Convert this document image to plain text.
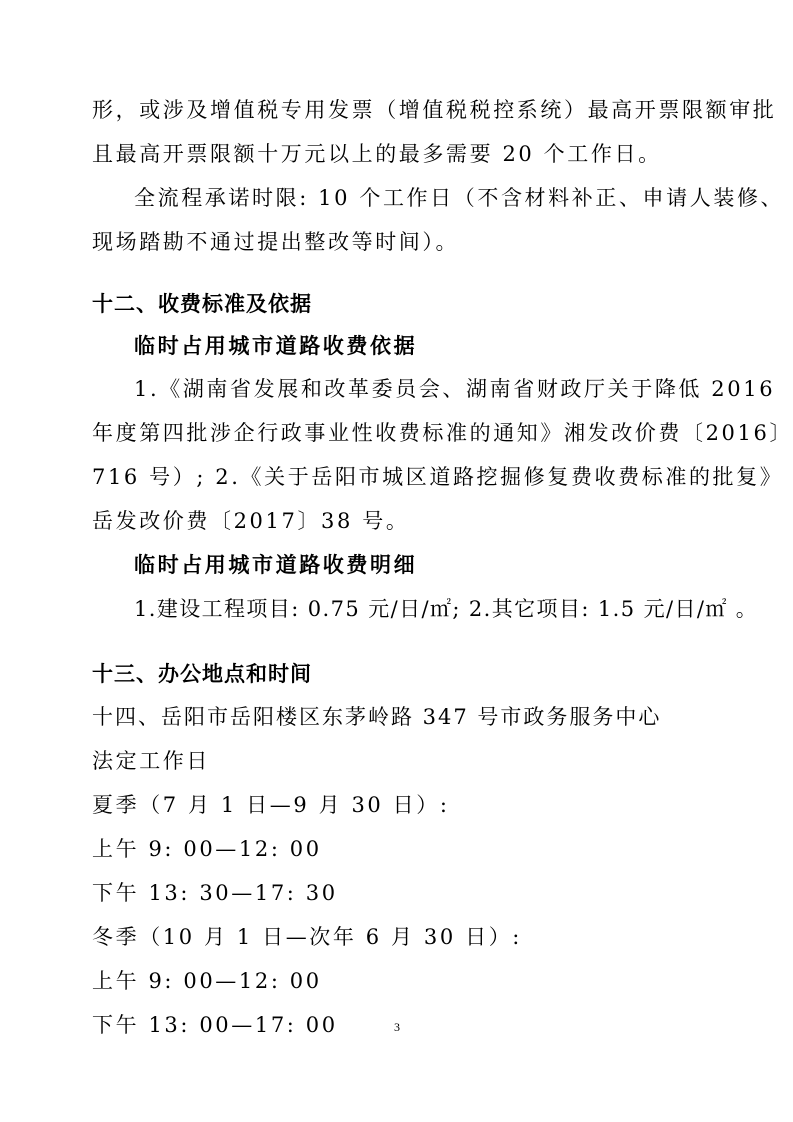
形，或涉及增值税专用发票（增值税税控系统）最高开票限额审批
且最高开票限额十万元以上的最多需要 20 个工作日。
全流程承诺时限: 10 个工作日（不含材料补正、申请人装修、
现场踏勘不通过提出整改等时间）。
十二、收费标准及依据
临时占用城市道路收费依据
1.《湖南省发展和改革委员会、湖南省财政厅关于降低 2016
年度第四批涉企行政事业性收费标准的通知》湘发改价费〔2016〕
716 号）; 2.《关于岳阳市城区道路挖掘修复费收费标准的批复》
岳发改价费〔2017〕38 号。
临时占用城市道路收费明细
1.建设工程项目: 0.75 元/日/㎡; 2.其它项目: 1.5 元/日/㎡ 。
十三、办公地点和时间
十四、岳阳市岳阳楼区东茅岭路 347 号市政务服务中心
法定工作日
夏季（7 月 1 日—9 月 30 日）:
上午 9: 00—12: 00
下午 13: 30—17: 30
冬季（10 月 1 日—次年 6 月 30 日）:
上午 9: 00—12: 00
下午 13: 00—17: 00	3
